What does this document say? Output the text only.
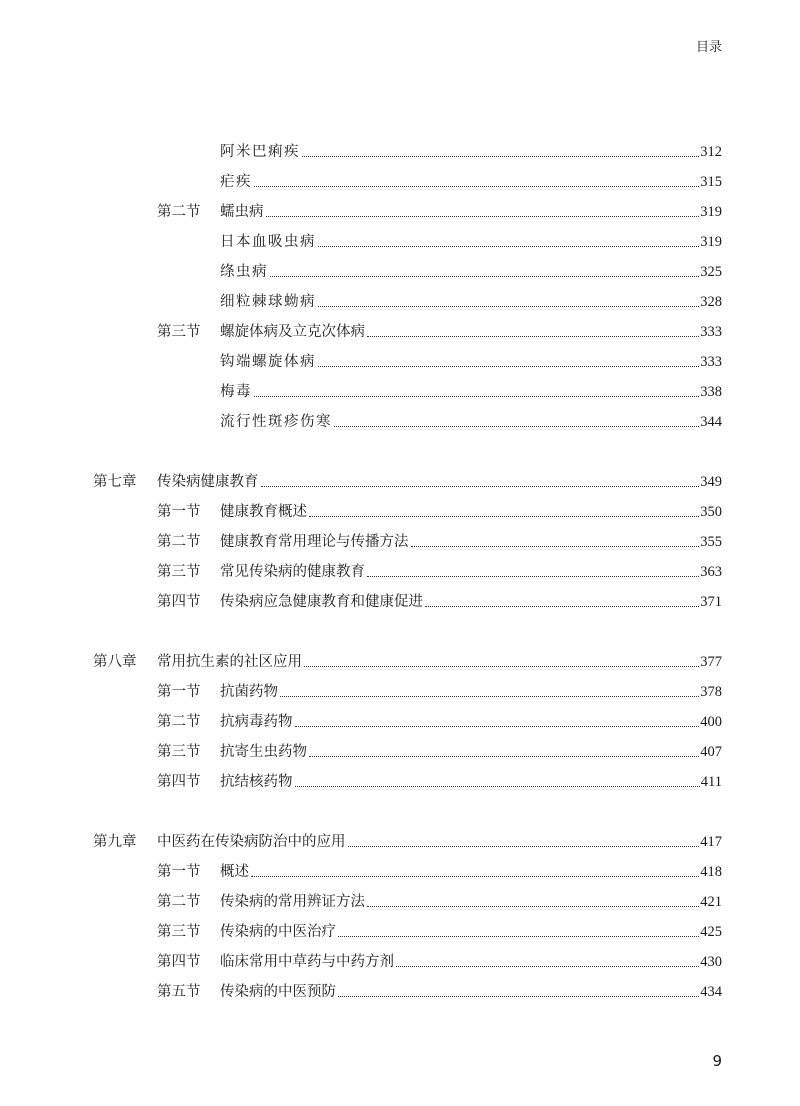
目录
阿米巴痢疾	312
疟疾	315
第二节 蠕虫病	319
日本血吸虫病	319
绦虫病	325
细粒棘球蚴病	328
第三节 螺旋体病及立克次体病	333
钩端螺旋体病	333
梅毒	338
流行性斑疹伤寒	344
第七章 传染病健康教育	349
第一节 健康教育概述	350
第二节 健康教育常用理论与传播方法	355
第三节 常见传染病的健康教育	363
第四节 传染病应急健康教育和健康促进	371
第八章 常用抗生素的社区应用	377
第一节 抗菌药物	378
第二节 抗病毒药物	400
第三节 抗寄生虫药物	407
第四节 抗结核药物	411
第九章 中医药在传染病防治中的应用	417
第一节 概述	418
第二节 传染病的常用辨证方法	421
第三节 传染病的中医治疗	425
第四节 临床常用中草药与中药方剂	430
第五节 传染病的中医预防	434
9
